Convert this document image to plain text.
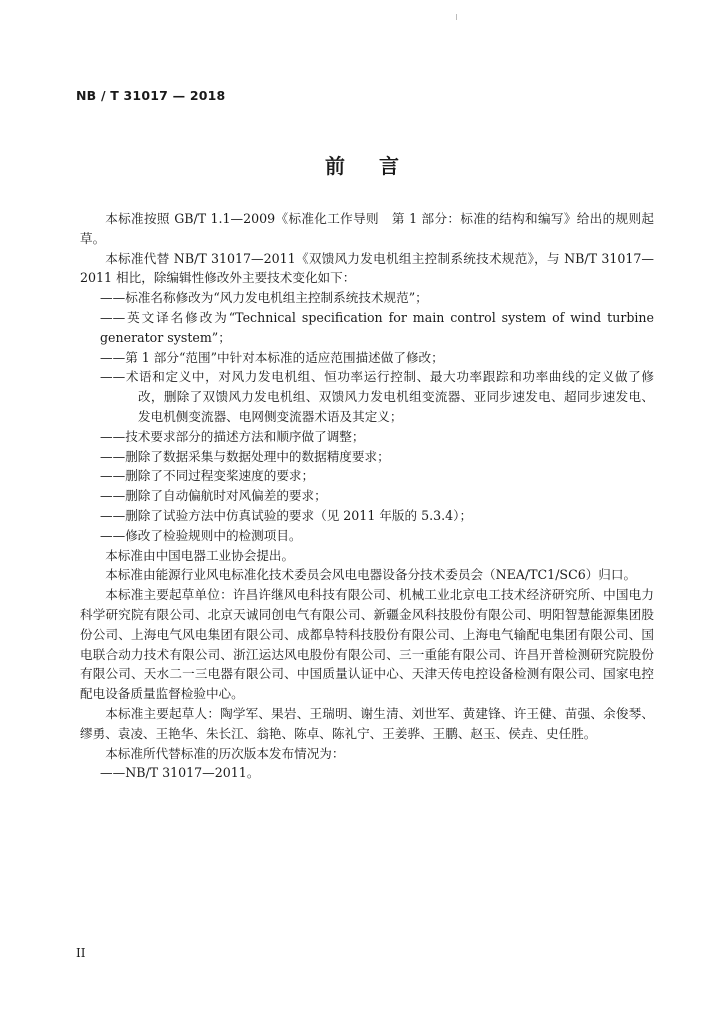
NB / T 31017 — 2018
前言

本标准按照 GB/T 1.1—2009《标准化工作导则　第 1 部分：标准的结构和编写》给出的规则起草。

本标准代替 NB/T 31017—2011《双馈风力发电机组主控制系统技术规范》，与 NB/T 31017—2011 相比，除编辑性修改外主要技术变化如下：

——标准名称修改为“风力发电机组主控制系统技术规范”；

——英文译名修改为“Technical specification for main control system of wind turbine generator system”；

——第 1 部分“范围”中针对本标准的适应范围描述做了修改；

——术语和定义中，对风力发电机组、恒功率运行控制、最大功率跟踪和功率曲线的定义做了修改，删除了双馈风力发电机组、双馈风力发电机组变流器、亚同步速发电、超同步速发电、发电机侧变流器、电网侧变流器术语及其定义；

——技术要求部分的描述方法和顺序做了调整；

——删除了数据采集与数据处理中的数据精度要求；

——删除了不同过程变桨速度的要求；

——删除了自动偏航时对风偏差的要求；

——删除了试验方法中仿真试验的要求（见 2011 年版的 5.3.4）；

——修改了检验规则中的检测项目。

本标准由中国电器工业协会提出。

本标准由能源行业风电标准化技术委员会风电电器设备分技术委员会（NEA/TC1/SC6）归口。

本标准主要起草单位：许昌许继风电科技有限公司、机械工业北京电工技术经济研究所、中国电力科学研究院有限公司、北京天诚同创电气有限公司、新疆金风科技股份有限公司、明阳智慧能源集团股份公司、上海电气风电集团有限公司、成都阜特科技股份有限公司、上海电气输配电集团有限公司、国电联合动力技术有限公司、浙江运达风电股份有限公司、三一重能有限公司、许昌开普检测研究院股份有限公司、天水二一三电器有限公司、中国质量认证中心、天津天传电控设备检测有限公司、国家电控配电设备质量监督检验中心。

本标准主要起草人：陶学军、果岩、王瑞明、谢生清、刘世军、黄建锋、许王健、苗强、余俊琴、缪勇、袁凌、王艳华、朱长江、翁艳、陈卓、陈礼宁、王姜骅、王鹏、赵玉、侯垚、史任胜。

本标准所代替标准的历次版本发布情况为：

——NB/T 31017—2011。

II
